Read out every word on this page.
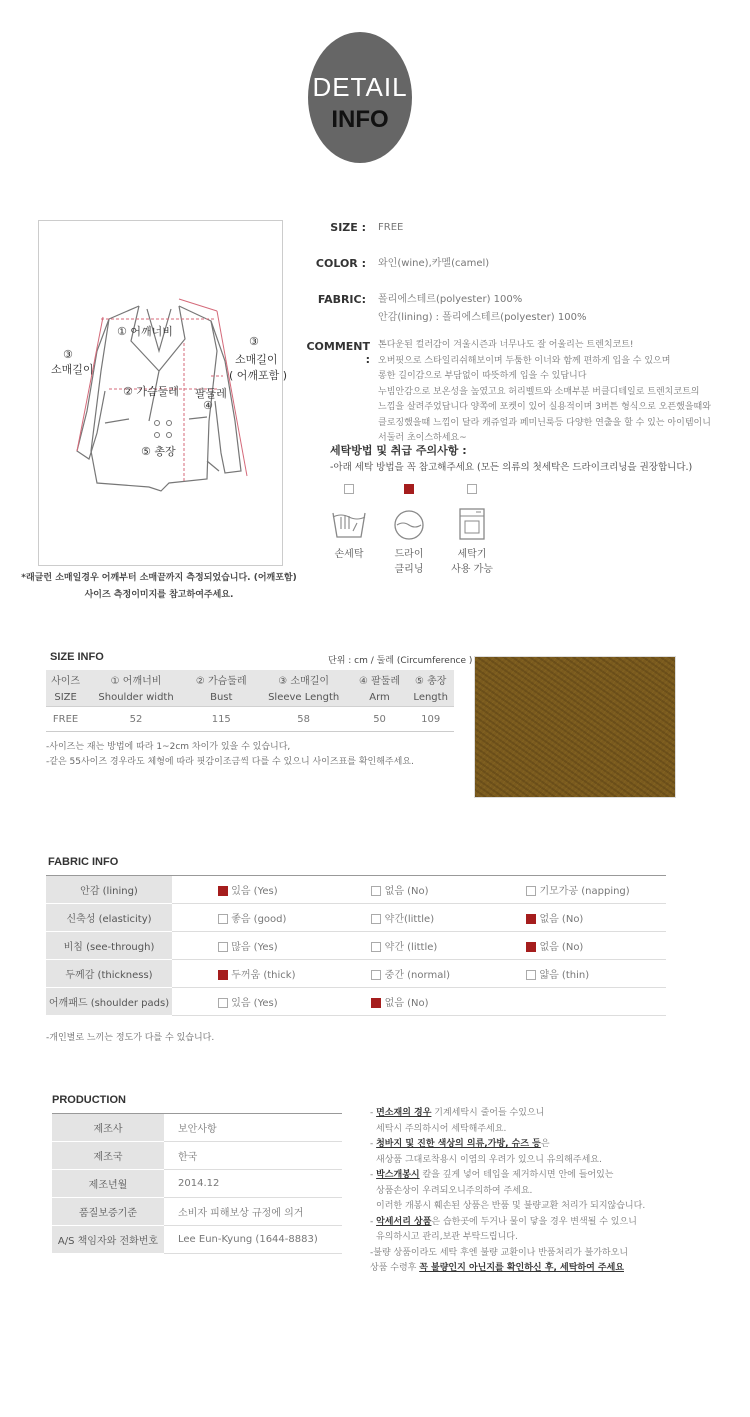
DETAIL
INFO
① 어깨너비
③
소매길이
③
소매길이
( 어깨포함 )
② 가슴둘레 팔둘레
④
⑤ 총장
*래글런 소매일경우 어깨부터 소매끝까지 측정되었습니다. (어깨포함)
사이즈 측정이미지를 참고하여주세요.
SIZE : FREE
COLOR : 와인(wine),카멜(camel)
FABRIC: 폴리에스테르(polyester) 100%
안감(lining) : 폴리에스테르(polyester) 100%
COMMENT :
톤다운된 컬러감이 겨울시즌과 너무나도 잘 어울리는 트렌치코트!
오버핏으로 스타일리쉬해보이며 두툼한 이너와 함께 편하게 입을 수 있으며
롱한 길이감으로 부담없이 따뜻하게 입을 수 있답니다
누빔안감으로 보온성을 높였고요 허리벨트와 소매부분 버클디테일로 트렌치코트의
느낌을 살려주었답니다 양쪽에 포켓이 있어 실용적이며 3버튼 형식으로 오픈했을때와
클로징했을때 느낌이 달라 캐쥬얼과 페미닌룩등 다양한 연출을 할 수 있는 아이템이니
서둘러 초이스하세요~
세탁방법 및 취급 주의사항 :
-아래 세탁 방법을 꼭 참고해주세요 (모든 의류의 첫세탁은 드라이크리닝을 권장합니다.)
손세탁	드라이
클리닝
세탁기
사용 가능
SIZE INFO	단위 : cm / 둘레 (Circumference )
사이즈	① 어깨너비	② 가슴둘레	③ 소매길이	④ 팔둘레	⑤ 총장
SIZE	Shoulder width	Bust	Sleeve Length	Arm	Length
FREE	52	115	58	50	109
-사이즈는 재는 방법에 따라 1~2cm 차이가 있을 수 있습니다,
-같은 55사이즈 경우라도 체형에 따라 핏감이조금씩 다를 수 있으니 사이즈표를 확인해주세요.
FABRIC INFO
안감 (lining)	있음 (Yes)	없음 (No)	기모가공 (napping)
신축성 (elasticity)	좋음 (good)	약간(little)	없음 (No)
비침 (see-through)	많음 (Yes)	약간 (little)	없음 (No)
두께감 (thickness)	두꺼움 (thick)	중간 (normal)	얇음 (thin)
어깨패드 (shoulder pads)	있음 (Yes)	없음 (No)	
-개인별로 느끼는 정도가 다를 수 있습니다.
PRODUCTION
제조사	보안사항
제조국	한국
제조년월	2014.12
품질보증기준	소비자 피해보상 규정에 의거
A/S 책임자와 전화번호	Lee Eun-Kyung (1644-8883)
- 면소재의 경우 기계세탁시 줄어들 수있으니
세탁시 주의하시어 세탁해주세요.
- 청바지 및 진한 색상의 의류,가방, 슈즈 등은
새상품 그대로착용시 이염의 우려가 있으니 유의해주세요.
- 박스개봉시 칼을 깊게 넣어 테입을 제거하시면 안에 들어있는
상품손상이 우려되오니주의하여 주세요.
이러한 개봉시 훼손된 상품은 반품 및 불량교환 처리가 되지않습니다.
- 악세서리 상품은 습한곳에 두거나 물이 닿을 경우 변색될 수 있으니
유의하시고 관리,보관 부탁드립니다.
-불량 상품이라도 세탁 후엔 불량 교환이나 반품처리가 불가하오니
상품 수령후 꼭 불량인지 아닌지를 확인하신 후, 세탁하여 주세요
